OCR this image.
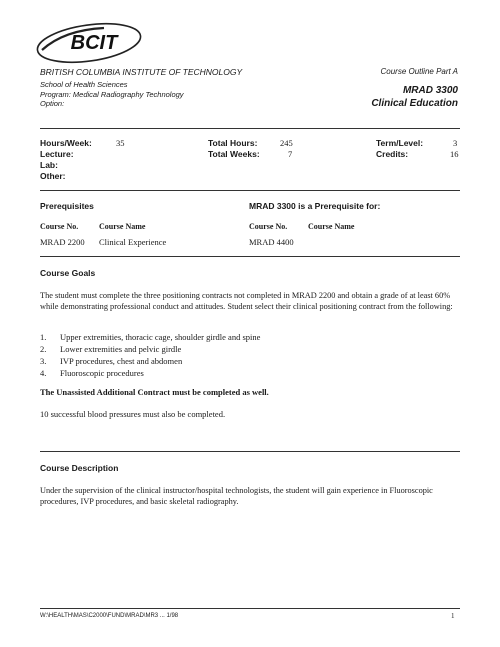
BCIT
BRITISH COLUMBIA INSTITUTE OF TECHNOLOGY
School of Health Sciences
Program: Medical Radiography Technology
Option:
Course Outline Part A
MRAD 3300
Clinical Education
Hours/Week:	35
Lecture:
Lab:
Other:
Total Hours:	245
Total Weeks:	7
Term/Level:	3
Credits:	16
Prerequisites	MRAD 3300 is a Prerequisite for:
Course No.	Course Name	Course No.	Course Name
MRAD 2200 Clinical Experience	MRAD 4400
Course Goals
The student must complete the three positioning contracts not completed in MRAD 2200 and obtain a grade of at least 60% while demonstrating professional conduct and attitudes. Student select their clinical positioning contract from the following:
1. Upper extremities, thoracic cage, shoulder girdle and spine
2. Lower extremities and pelvic girdle
3. IVP procedures, chest and abdomen
4. Fluoroscopic procedures
The Unassisted Additional Contract must be completed as well.
10 successful blood pressures must also be completed.
Course Description
Under the supervision of the clinical instructor/hospital technologists, the student will gain experience in Fluoroscopic procedures, IVP procedures, and basic skeletal radiography.
W:\HEALTH\MAS\C2000\FUND\MRAD\MR3 ... 1/98	1
